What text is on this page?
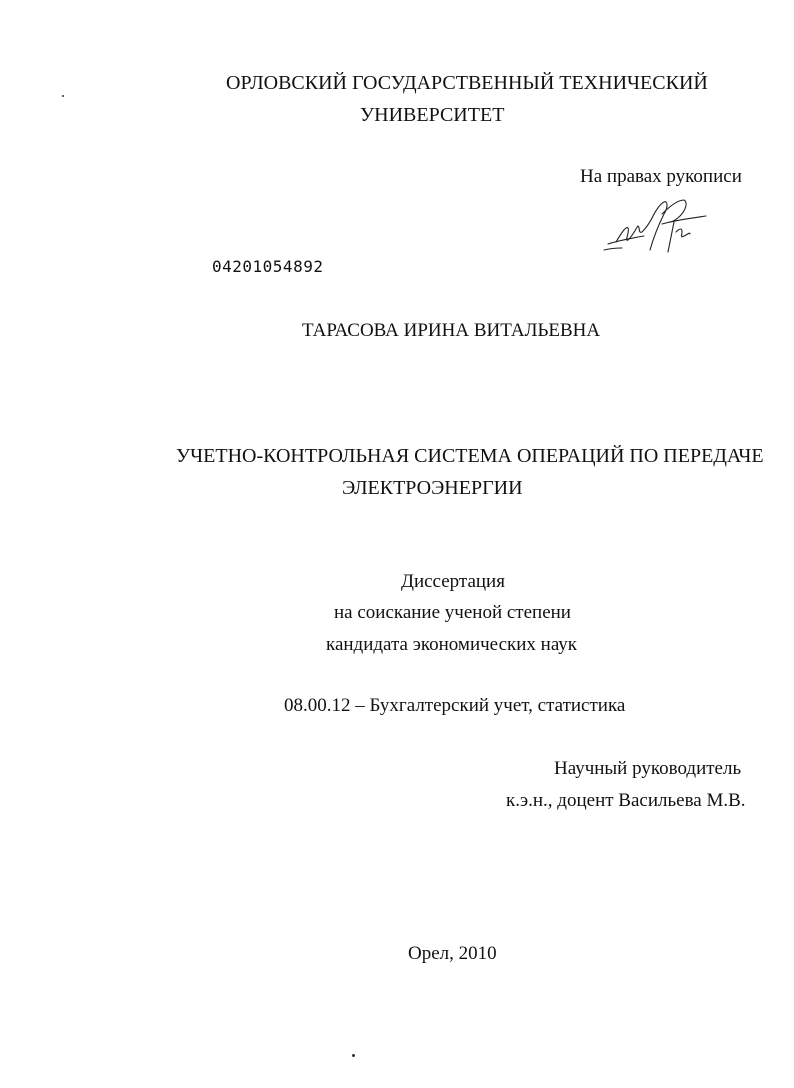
ОРЛОВСКИЙ ГОСУДАРСТВЕННЫЙ ТЕХНИЧЕСКИЙ
УНИВЕРСИТЕТ
На правах рукописи
04201054892
ТАРАСОВА ИРИНА ВИТАЛЬЕВНА
УЧЕТНО-КОНТРОЛЬНАЯ СИСТЕМА ОПЕРАЦИЙ ПО ПЕРЕДАЧЕ
ЭЛЕКТРОЭНЕРГИИ
Диссертация
на соискание ученой степени
кандидата экономических наук
08.00.12 – Бухгалтерский учет, статистика
Научный руководитель
к.э.н., доцент Васильева М.В.
Орел, 2010
